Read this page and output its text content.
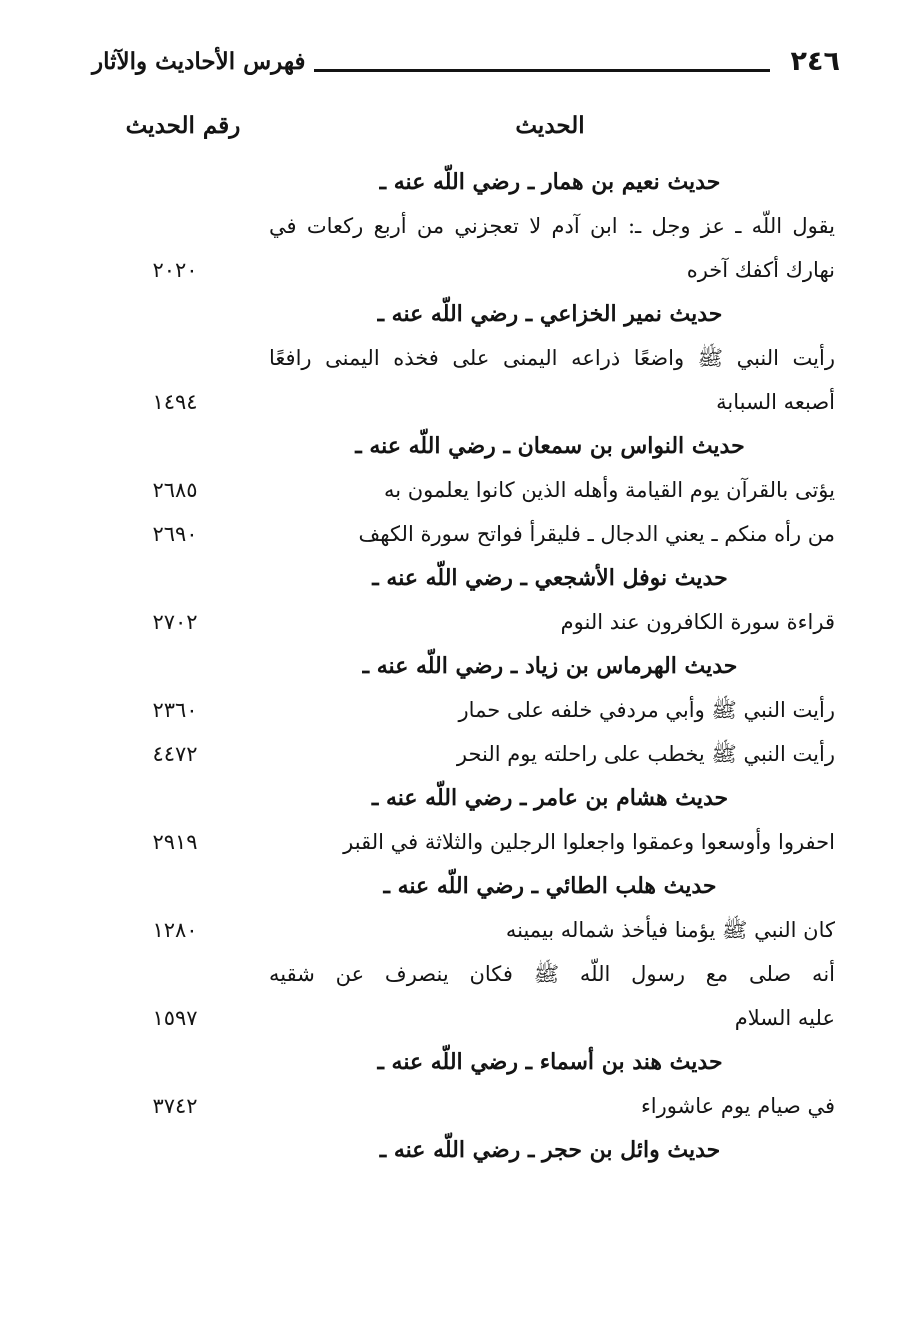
٢٤٦
فهرس الأحاديث والآثار
الحديث
رقم الحديث
حديث نعيم بن همار ـ رضي اللّه عنه ـ
يقول اللّه ـ عز وجل ـ: ابن آدم لا تعجزني من أربع ركعات في
نهارك أكفك آخره
٢٠٢٠
حديث نمير الخزاعي ـ رضي اللّه عنه ـ
رأيت النبي ﷺ واضعًا ذراعه اليمنى على فخذه اليمنى رافعًا
أصبعه السبابة
١٤٩٤
حديث النواس بن سمعان ـ رضي اللّه عنه ـ
يؤتى بالقرآن يوم القيامة وأهله الذين كانوا يعلمون به
٢٦٨٥
من رأه منكم ـ يعني الدجال ـ فليقرأ فواتح سورة الكهف
٢٦٩٠
حديث نوفل الأشجعي ـ رضي اللّه عنه ـ
قراءة سورة الكافرون عند النوم
٢٧٠٢
حديث الهرماس بن زياد ـ رضي اللّه عنه ـ
رأيت النبي ﷺ وأبي مردفي خلفه على حمار
٢٣٦٠
رأيت النبي ﷺ يخطب على راحلته يوم النحر
٤٤٧٢
حديث هشام بن عامر ـ رضي اللّه عنه ـ
احفروا وأوسعوا وعمقوا واجعلوا الرجلين والثلاثة في القبر
٢٩١٩
حديث هلب الطائي ـ رضي اللّه عنه ـ
كان النبي ﷺ يؤمنا فيأخذ شماله بيمينه
١٢٨٠
أنه صلى مع رسول اللّه ﷺ فكان ينصرف عن شقيه
عليه السلام
١٥٩٧
حديث هند بن أسماء ـ رضي اللّه عنه ـ
في صيام يوم عاشوراء
٣٧٤٢
حديث وائل بن حجر ـ رضي اللّه عنه ـ
